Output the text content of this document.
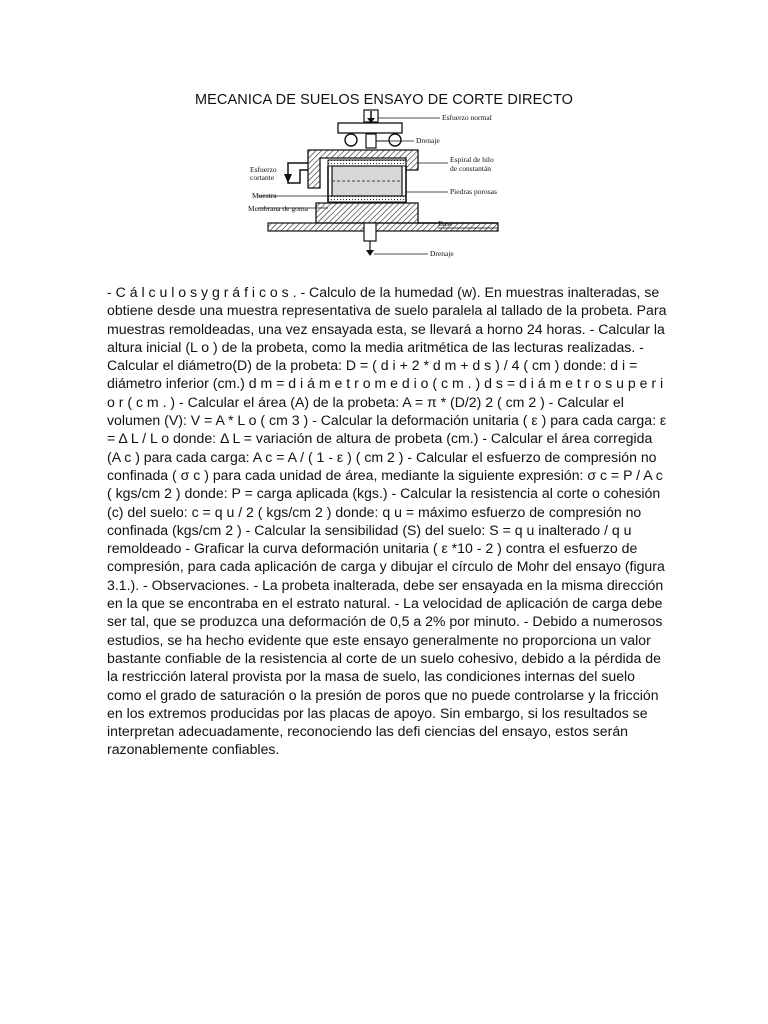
MECANICA DE SUELOS ENSAYO DE CORTE DIRECTO
Esfuerzo normal
Drenaje
Espiral de hilo
de constantán
Esfuerzo
cortante
Piedras porosas
Muestra
Membrana de goma
Base
Drenaje
- C á l c u l o s y g r á f i c o s . - Calculo de la humedad (w). En muestras inalteradas, se obtiene desde una muestra representativa de suelo paralela al tallado de la probeta. Para muestras remoldeadas, una vez ensayada esta, se llevará a horno 24 horas. - Calcular la altura inicial (L o ) de la probeta, como la media aritmética de las lecturas realizadas. - Calcular el diámetro(D) de la probeta: D = ( d i + 2 * d m + d s ) / 4 ( cm ) donde: d i = diámetro inferior (cm.) d m = d i á m e t r o m e d i o ( c m . ) d s = d i á m e t r o s u p e r i o r ( c m . ) - Calcular el área (A) de la probeta: A = π * (D/2) 2 ( cm 2 ) - Calcular el volumen (V): V = A * L o ( cm 3 ) - Calcular la deformación unitaria ( ε ) para cada carga: ε = Δ L / L o donde: Δ L = variación de altura de probeta (cm.) - Calcular el área corregida (A c ) para cada carga: A c = A / ( 1 - ε ) ( cm 2 ) - Calcular el esfuerzo de compresión no confinada ( σ c ) para cada unidad de área, mediante la siguiente expresión: σ c = P / A c ( kgs/cm 2 ) donde: P = carga aplicada (kgs.) - Calcular la resistencia al corte o cohesión (c) del suelo: c = q u / 2 ( kgs/cm 2 ) donde: q u = máximo esfuerzo de compresión no confinada (kgs/cm 2 ) - Calcular la sensibilidad (S) del suelo: S = q u inalterado / q u remoldeado - Graficar la curva deformación unitaria ( ε *10 - 2 ) contra el esfuerzo de compresión, para cada aplicación de carga y dibujar el círculo de Mohr del ensayo (figura 3.1.). - Observaciones. - La probeta inalterada, debe ser ensayada en la misma dirección en la que se encontraba en el estrato natural. - La velocidad de aplicación de carga debe ser tal, que se produzca una deformación de 0,5 a 2% por minuto. - Debido a numerosos estudios, se ha hecho evidente que este ensayo generalmente no proporciona un valor bastante confiable de la resistencia al corte de un suelo cohesivo, debido a la pérdida de la restricción lateral provista por la masa de suelo, las condiciones internas del suelo como el grado de saturación o la presión de poros que no puede controlarse y la fricción en los extremos producidas por las placas de apoyo. Sin embargo, si los resultados se interpretan adecuadamente, reconociendo las defi ciencias del ensayo, estos serán razonablemente confiables.
